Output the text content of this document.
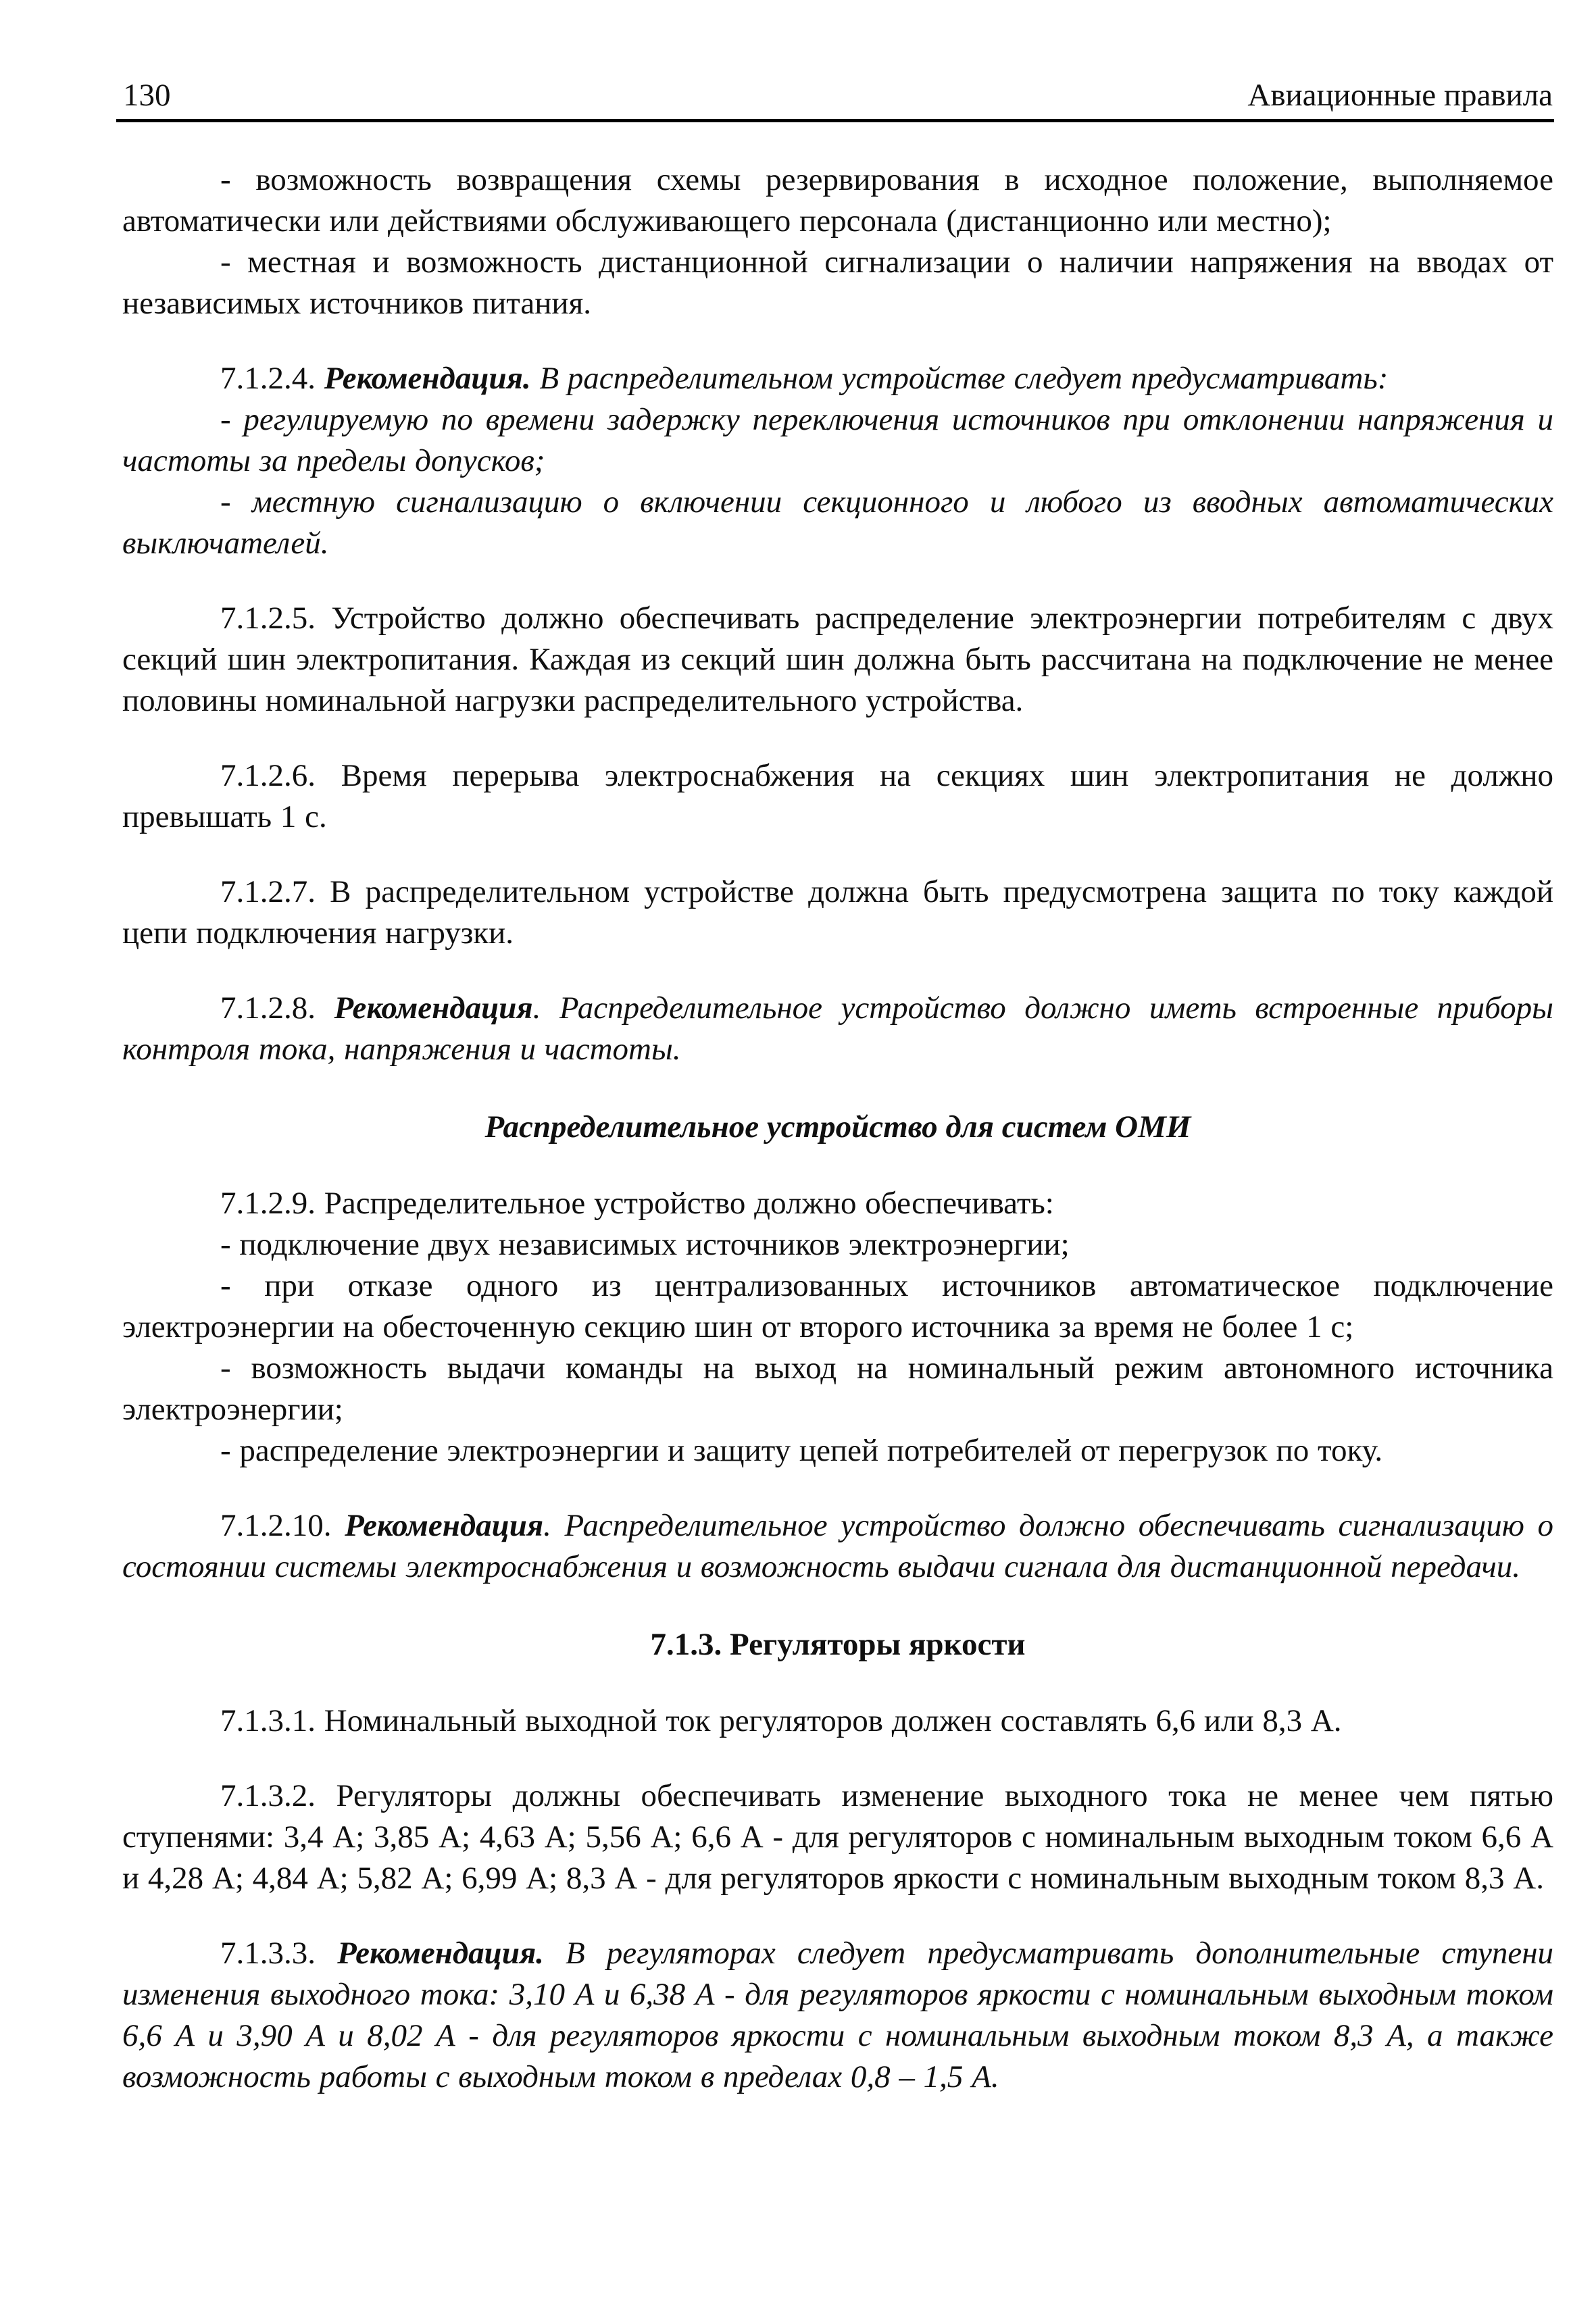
130	Авиационные правила

- возможность возвращения схемы резервирования в исходное положение, выполняемое автоматически или действиями обслуживающего персонала (дистанционно или местно);

- местная и возможность дистанционной сигнализации о наличии напряжения на вводах от независимых источников питания.

7.1.2.4. Рекомендация. В распределительном устройстве следует предусматривать:

- регулируемую по времени задержку переключения источников при отклонении напряжения и частоты за пределы допусков;

- местную сигнализацию о включении секционного и любого из вводных автоматических выключателей.

7.1.2.5. Устройство должно обеспечивать распределение электроэнергии потребителям с двух секций шин электропитания. Каждая из секций шин должна быть рассчитана на подключение не менее половины номинальной нагрузки распределительного устройства.

7.1.2.6. Время перерыва электроснабжения на секциях шин электропитания не должно превышать 1 с.

7.1.2.7. В распределительном устройстве должна быть предусмотрена защита по току каждой цепи подключения нагрузки.

7.1.2.8. Рекомендация. Распределительное устройство должно иметь встроенные приборы контроля тока, напряжения и частоты.

Распределительное устройство для систем ОМИ

7.1.2.9. Распределительное устройство должно обеспечивать:

- подключение двух независимых источников электроэнергии;

- при отказе одного из централизованных источников автоматическое подключение электроэнергии на обесточенную секцию шин от второго источника за время не более 1 с;

- возможность выдачи команды на выход на номинальный режим автономного источника электроэнергии;

- распределение электроэнергии и защиту цепей потребителей от перегрузок по току.

7.1.2.10. Рекомендация. Распределительное устройство должно обеспечивать сигнализацию о состоянии системы электроснабжения и возможность выдачи сигнала для дистанционной передачи.

7.1.3. Регуляторы яркости

7.1.3.1. Номинальный выходной ток регуляторов должен составлять 6,6 или 8,3 А.

7.1.3.2. Регуляторы должны обеспечивать изменение выходного тока не менее чем пятью ступенями: 3,4 А; 3,85 А; 4,63 А; 5,56 А; 6,6 А - для регуляторов с номинальным выходным током 6,6 А и 4,28 А; 4,84 А; 5,82 А; 6,99 А; 8,3 А - для регуляторов яркости с номинальным выходным током 8,3 А.

7.1.3.3. Рекомендация. В регуляторах следует предусматривать дополнительные ступени изменения выходного тока: 3,10 А и 6,38 А - для регуляторов яркости с номинальным выходным током 6,6 А и 3,90 А и 8,02 А - для регуляторов яркости с номинальным выходным током 8,3 А, а также возможность работы с выходным током в пределах 0,8 – 1,5 А.
